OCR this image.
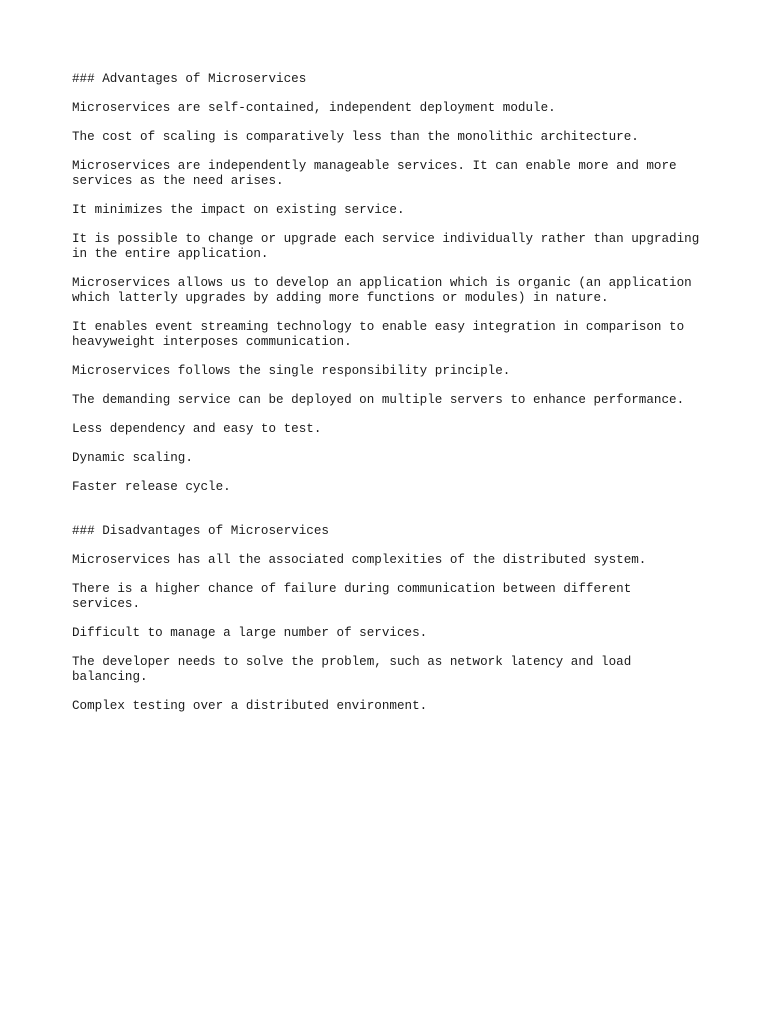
### Advantages of Microservices
Microservices are self-contained, independent deployment module.
The cost of scaling is comparatively less than the monolithic architecture.
Microservices are independently manageable services. It can enable more and more
services as the need arises.
It minimizes the impact on existing service.
It is possible to change or upgrade each service individually rather than upgrading
in the entire application.
Microservices allows us to develop an application which is organic (an application
which latterly upgrades by adding more functions or modules) in nature.
It enables event streaming technology to enable easy integration in comparison to
heavyweight interposes communication.
Microservices follows the single responsibility principle.
The demanding service can be deployed on multiple servers to enhance performance.
Less dependency and easy to test.
Dynamic scaling.
Faster release cycle.
### Disadvantages of Microservices
Microservices has all the associated complexities of the distributed system.
There is a higher chance of failure during communication between different
services.
Difficult to manage a large number of services.
The developer needs to solve the problem, such as network latency and load
balancing.
Complex testing over a distributed environment.
